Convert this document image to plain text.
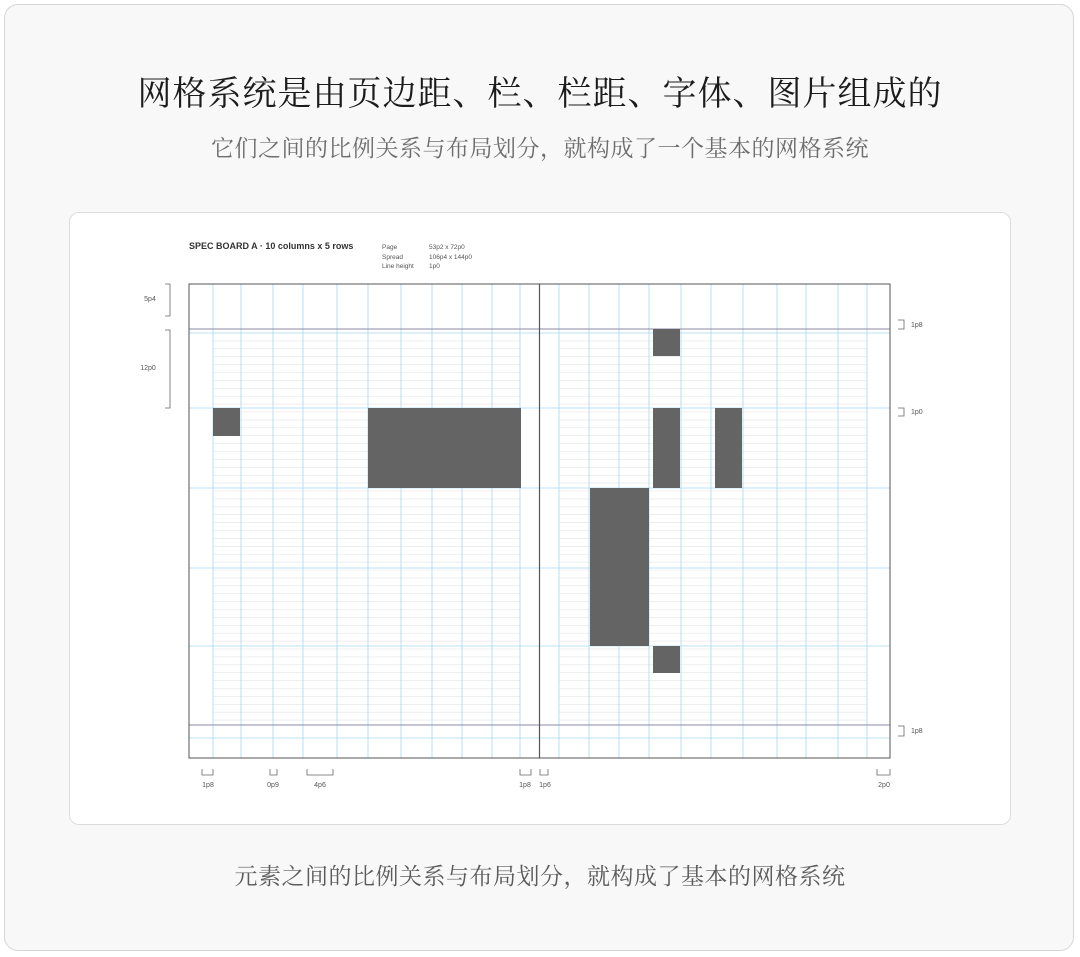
网格系统是由页边距、栏、栏距、字体、图片组成的
它们之间的比例关系与布局划分，就构成了一个基本的网格系统
SPEC BOARD A · 10 columns x 5 rows	Page	53p2 x 72p0
Spread	106p4 x 144p0
Line height 1p0
5p4
12p0
1p8
1p0
1p8
1p8	0p9	4p6	1p8 1p6	2p0
元素之间的比例关系与布局划分，就构成了基本的网格系统
